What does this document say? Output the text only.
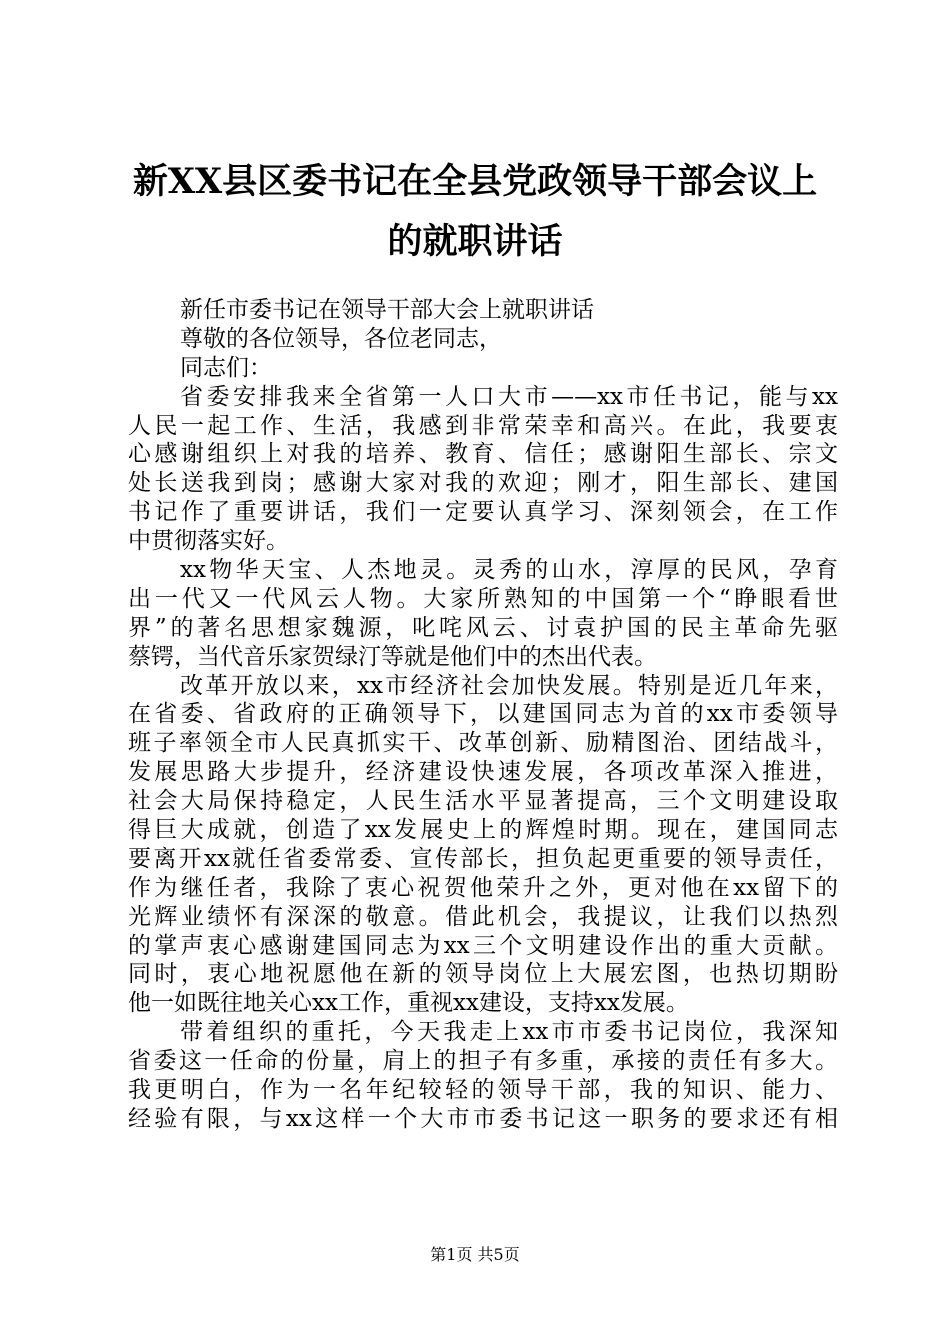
新XX县区委书记在全县党政领导干部会议上
的就职讲话
新任市委书记在领导干部大会上就职讲话
尊敬的各位领导，各位老同志，
同志们：
省委安排我来全省第一人口大市——xx市任书记，能与xx
人民一起工作、生活，我感到非常荣幸和高兴。在此，我要衷
心感谢组织上对我的培养、教育、信任；感谢阳生部长、宗文
处长送我到岗；感谢大家对我的欢迎；刚才，阳生部长、建国
书记作了重要讲话，我们一定要认真学习、深刻领会，在工作
中贯彻落实好。
xx物华天宝、人杰地灵。灵秀的山水，淳厚的民风，孕育
出一代又一代风云人物。大家所熟知的中国第一个“睁眼看世
界”的著名思想家魏源，叱咤风云、讨袁护国的民主革命先驱
蔡锷，当代音乐家贺绿汀等就是他们中的杰出代表。
改革开放以来，xx市经济社会加快发展。特别是近几年来，
在省委、省政府的正确领导下，以建国同志为首的xx市委领导
班子率领全市人民真抓实干、改革创新、励精图治、团结战斗，
发展思路大步提升，经济建设快速发展，各项改革深入推进，
社会大局保持稳定，人民生活水平显著提高，三个文明建设取
得巨大成就，创造了xx发展史上的辉煌时期。现在，建国同志
要离开xx就任省委常委、宣传部长，担负起更重要的领导责任，
作为继任者，我除了衷心祝贺他荣升之外，更对他在xx留下的
光辉业绩怀有深深的敬意。借此机会，我提议，让我们以热烈
的掌声衷心感谢建国同志为xx三个文明建设作出的重大贡献。
同时，衷心地祝愿他在新的领导岗位上大展宏图，也热切期盼
他一如既往地关心xx工作，重视xx建设，支持xx发展。
带着组织的重托，今天我走上xx市市委书记岗位，我深知
省委这一任命的份量，肩上的担子有多重，承接的责任有多大。
我更明白，作为一名年纪较轻的领导干部，我的知识、能力、
经验有限，与xx这样一个大市市委书记这一职务的要求还有相
第1页 共5页
